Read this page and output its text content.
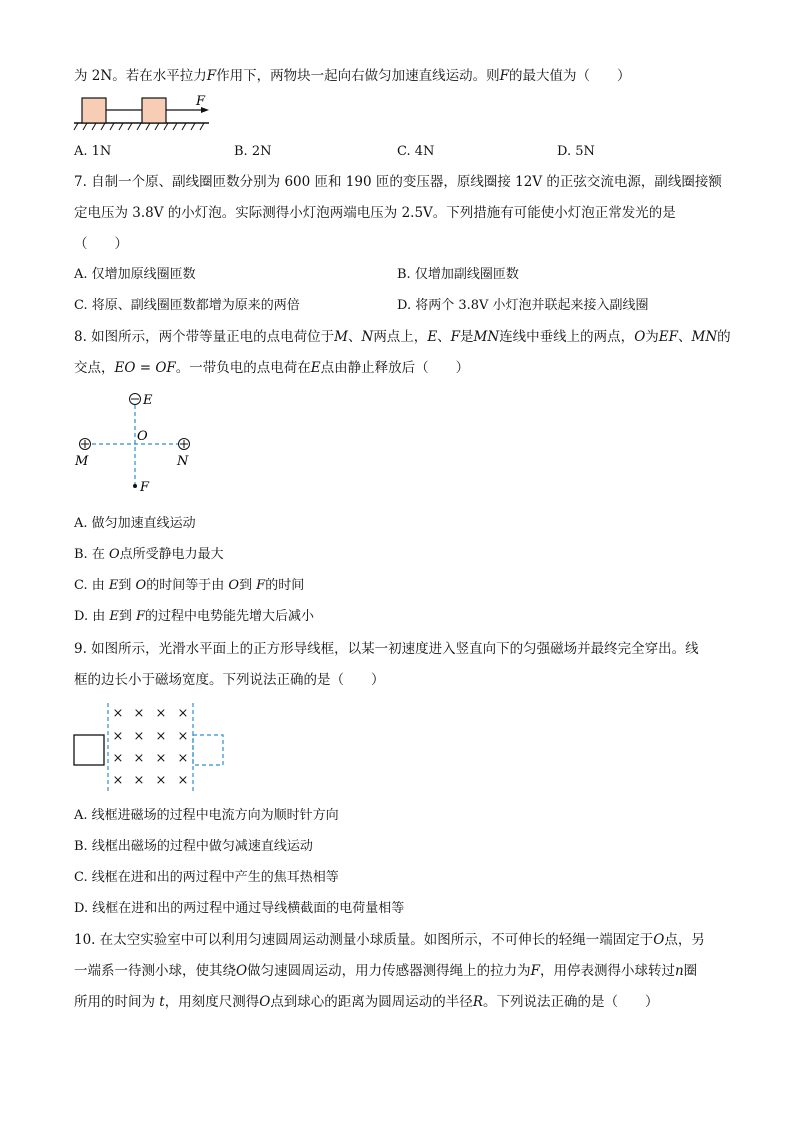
为 2N。若在水平拉力F作用下，两物块一起向右做匀加速直线运动。则F的最大值为（　　）
F
A. 1N	B. 2N	C. 4N	D. 5N
7. 自制一个原、副线圈匝数分别为 600 匝和 190 匝的变压器，原线圈接 12V 的正弦交流电源，副线圈接额
定电压为 3.8V 的小灯泡。实际测得小灯泡两端电压为 2.5V。下列措施有可能使小灯泡正常发光的是
（　　）
A. 仅增加原线圈匝数	B. 仅增加副线圈匝数
C. 将原、副线圈匝数都增为原来的两倍	D. 将两个 3.8V 小灯泡并联起来接入副线圈
8. 如图所示，两个带等量正电的点电荷位于M、N两点上，E、F是MN连线中垂线上的两点，O为EF、MN的
交点，EO = OF。一带负电的点电荷在E点由静止释放后（　　）
E
O
M	N
F
A. 做匀加速直线运动
B. 在 O点所受静电力最大
C. 由 E到 O的时间等于由 O到 F的时间
D. 由 E到 F的过程中电势能先增大后减小
9. 如图所示，光滑水平面上的正方形导线框，以某一初速度进入竖直向下的匀强磁场并最终完全穿出。线
框的边长小于磁场宽度。下列说法正确的是（　　）
× × × ×
× × × ×
× × × ×
× × × ×
A. 线框进磁场的过程中电流方向为顺时针方向
B. 线框出磁场的过程中做匀减速直线运动
C. 线框在进和出的两过程中产生的焦耳热相等
D. 线框在进和出的两过程中通过导线横截面的电荷量相等
10. 在太空实验室中可以利用匀速圆周运动测量小球质量。如图所示，不可伸长的轻绳一端固定于O点，另
一端系一待测小球，使其绕O做匀速圆周运动，用力传感器测得绳上的拉力为F，用停表测得小球转过n圈
所用的时间为 t，用刻度尺测得O点到球心的距离为圆周运动的半径R。下列说法正确的是（　　）
